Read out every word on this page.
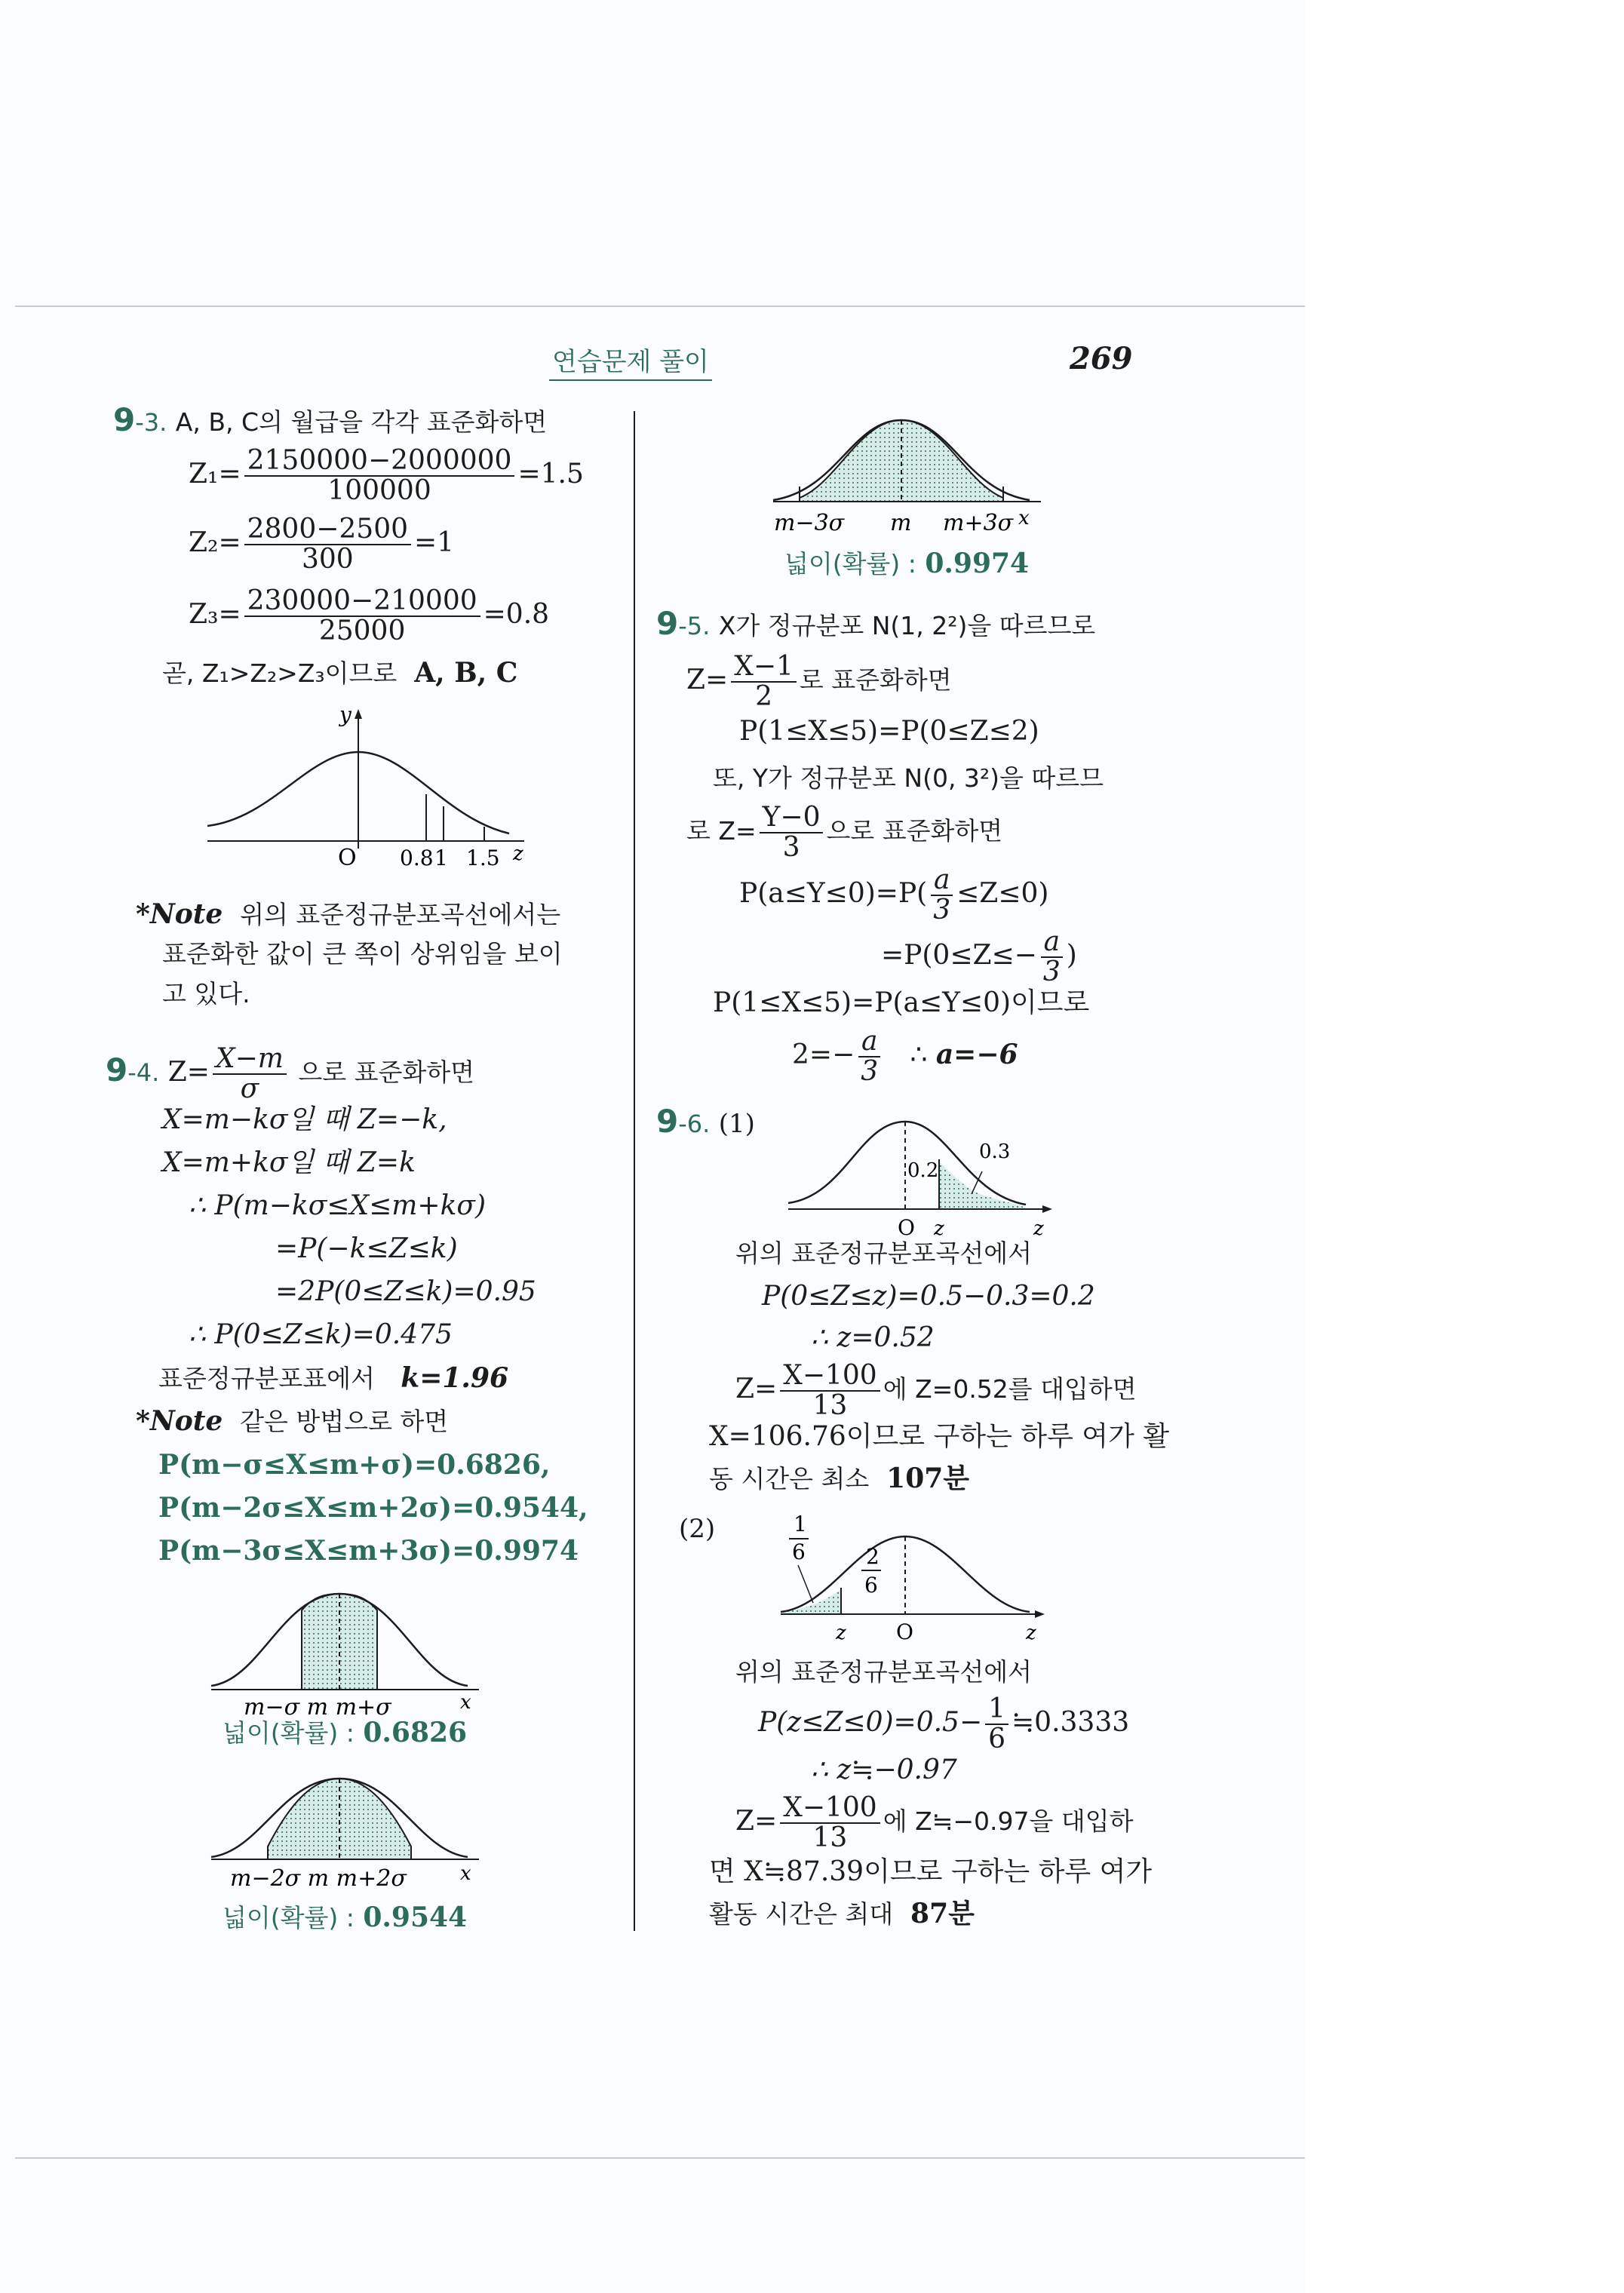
연습문제 풀이	269
9-3. A, B, C의 월급을 각각 표준화하면
$Z_1= \frac{2150000-2000000}{100000} =1.5$
$Z_2= \frac{2800-2500}{300} =1$
$Z_3= \frac{230000-210000}{25000} =0.8$
곧, Z₁>Z₂>Z₃이므로 A, B, C
y
O 0.8 1 1.5 z
*Note 위의 표준정규분포곡선에서는
표준화한 값이 큰 쪽이 상위임을 보이
고 있다.
9-4. $Z= \frac{X-m}{\sigma}$ 으로 표준화하면
X=m−kσ일 때 Z=−k,
X=m+kσ일 때 Z=k
∴ P(m−kσ≤X≤m+kσ)
=P(−k≤Z≤k)
=2P(0≤Z≤k)=0.95
∴ P(0≤Z≤k)=0.475
표준정규분포표에서 k=1.96
*Note 같은 방법으로 하면
P(m−σ≤X≤m+σ)=0.6826,
P(m−2σ≤X≤m+2σ)=0.9544,
P(m−3σ≤X≤m+3σ)=0.9974
m−σ m m+σ	x
넓이(확률) : 0.6826
m−2σ m m+2σ	x
넓이(확률) : 0.9544
m−3σ m m+3σ x
넓이(확률) : 0.9974
9-5. X가 정규분포 N(1, 2²)을 따르므로
$Z= \frac{X-1}{2}$ 로 표준화하면
P(1≤X≤5)=P(0≤Z≤2)
또, Y가 정규분포 N(0, 3²)을 따르므
로 $Z= \frac{Y-0}{3}$ 으로 표준화하면
$P(a\le Y\le 0)=P( \frac{a}{3} \le Z\le 0)$
$=P(0\le Z\le- \frac{a}{3}$ )
P(1≤X≤5)=P(a≤Y≤0)이므로
$2=- \frac{a}{3}$ ∴ a=−6
9-6. (1)
0.2
0.3
O z	z
위의 표준정규분포곡선에서
P(0≤Z≤z)=0.5−0.3=0.2
∴ z=0.52
$Z= \frac{X-100}{13}$ 에 Z=0.52를 대입하면
X=106.76이므로 구하는 하루 여가 활
동 시간은 최소 107분
(2)	1
6	2
6
z O	z
위의 표준정규분포곡선에서
$P(z\le Z\le 0)=0.5- \frac{1}{6}$ ≒0.3333
∴ z≒−0.97
$Z= \frac{X-100}{13}$ 에 Z≒−0.97을 대입하
면 X≒87.39이므로 구하는 하루 여가
활동 시간은 최대 87분
